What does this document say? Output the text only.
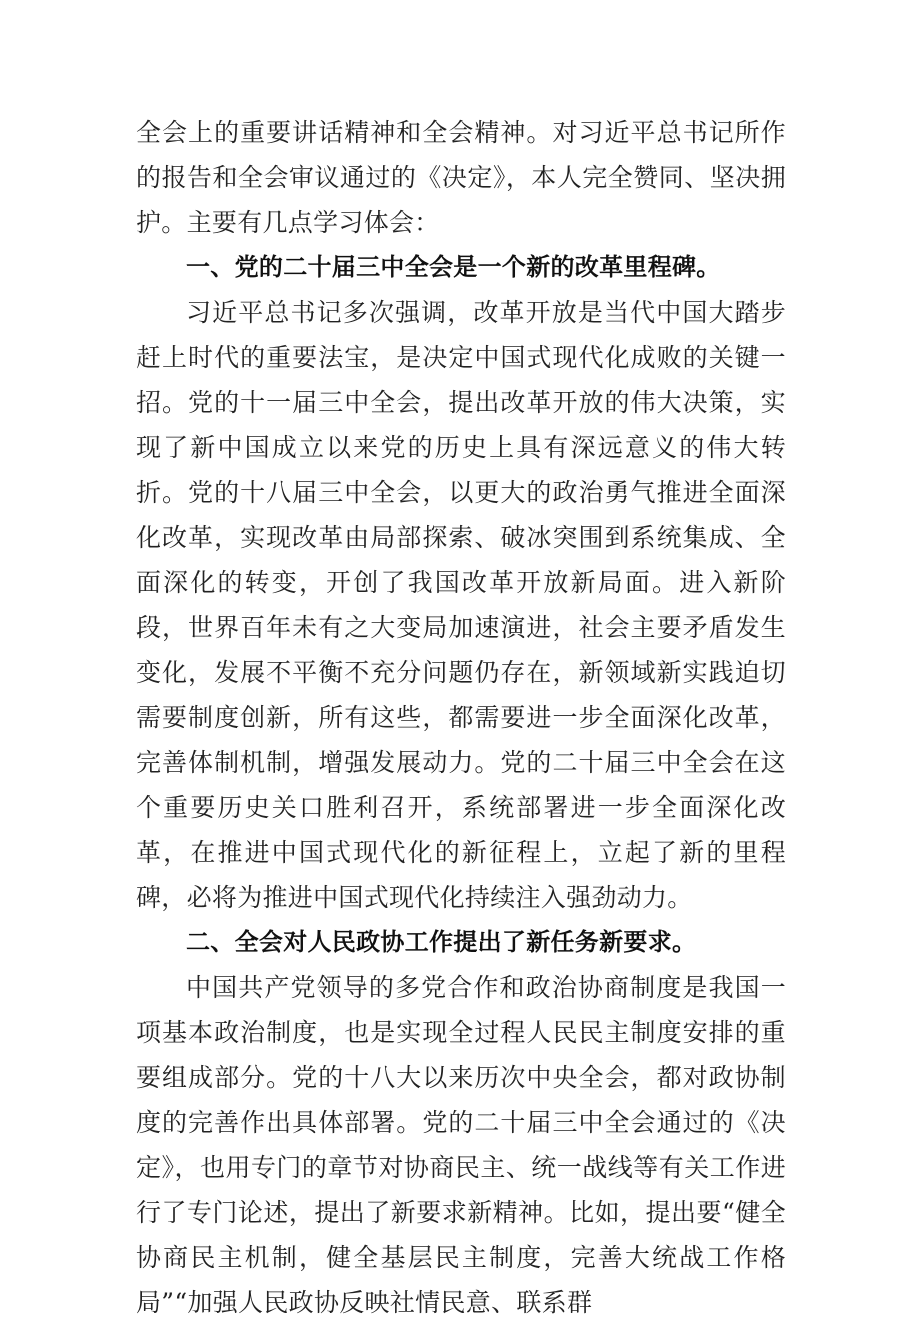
全会上的重要讲话精神和全会精神。对习近平总书记所作的报告和全会审议通过的《决定》，本人完全赞同、坚决拥护。主要有几点学习体会：

一、党的二十届三中全会是一个新的改革里程碑。

习近平总书记多次强调，改革开放是当代中国大踏步赶上时代的重要法宝，是决定中国式现代化成败的关键一招。党的十一届三中全会，提出改革开放的伟大决策，实现了新中国成立以来党的历史上具有深远意义的伟大转折。党的十八届三中全会，以更大的政治勇气推进全面深化改革，实现改革由局部探索、破冰突围到系统集成、全面深化的转变，开创了我国改革开放新局面。进入新阶段，世界百年未有之大变局加速演进，社会主要矛盾发生变化，发展不平衡不充分问题仍存在，新领域新实践迫切需要制度创新，所有这些，都需要进一步全面深化改革，完善体制机制，增强发展动力。党的二十届三中全会在这个重要历史关口胜利召开，系统部署进一步全面深化改革，在推进中国式现代化的新征程上，立起了新的里程碑，必将为推进中国式现代化持续注入强劲动力。

二、全会对人民政协工作提出了新任务新要求。

中国共产党领导的多党合作和政治协商制度是我国一项基本政治制度，也是实现全过程人民民主制度安排的重要组成部分。党的十八大以来历次中央全会，都对政协制度的完善作出具体部署。党的二十届三中全会通过的《决定》，也用专门的章节对协商民主、统一战线等有关工作进行了专门论述，提出了新要求新精神。比如，提出要“健全协商民主机制，健全基层民主制度，完善大统战工作格局”“加强人民政协反映社情民意、联系群
